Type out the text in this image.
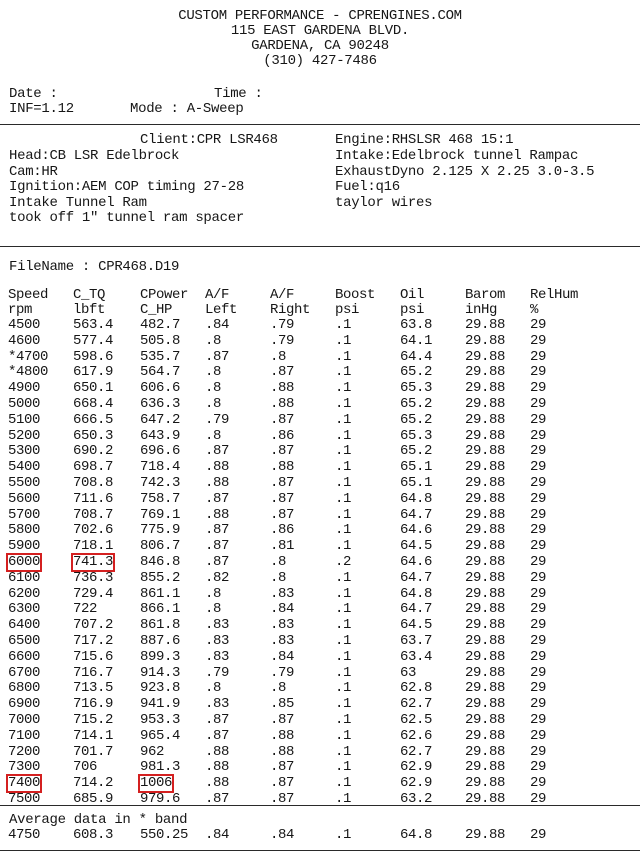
CUSTOM PERFORMANCE - CPRENGINES.COM
115 EAST GARDENA BLVD.
GARDENA, CA 90248
(310) 427-7486
Date :	Time :
INF=1.12	Mode : A-Sweep
Client:CPR LSR468
Head:CB LSR Edelbrock
Cam:HR
Ignition:AEM COP timing 27-28
Intake Tunnel Ram
took off 1" tunnel ram spacer
Engine:RHSLSR 468 15:1
Intake:Edelbrock tunnel Rampac
ExhaustDyno 2.125 X 2.25 3.0-3.5
Fuel:q16
taylor wires
FileName : CPR468.D19
Speed C_TQ CPower A/F	A/F	Boost Oil	Barom RelHum
rpm	lbft C_HP Left Right psi	psi	inHg %
4500 563.4 482.7 .84	.79	.1	63.8 29.88 29
4600 577.4 505.8 .8	.79	.1	64.1 29.88 29
*4700 598.6 535.7 .87	.8	.1	64.4 29.88 29
*4800 617.9 564.7 .8	.87	.1	65.2 29.88 29
4900 650.1 606.6 .8	.88	.1	65.3 29.88 29
5000 668.4 636.3 .8	.88	.1	65.2 29.88 29
5100 666.5 647.2 .79	.87	.1	65.2 29.88 29
5200 650.3 643.9 .8	.86	.1	65.3 29.88 29
5300 690.2 696.6 .87	.87	.1	65.2 29.88 29
5400 698.7 718.4 .88	.88	.1	65.1 29.88 29
5500 708.8 742.3 .88	.87	.1	65.1 29.88 29
5600 711.6 758.7 .87	.87	.1	64.8 29.88 29
5700 708.7 769.1 .88	.87	.1	64.7 29.88 29
5800 702.6 775.9 .87	.86	.1	64.6 29.88 29
5900 718.1 806.7 .87	.81	.1	64.5 29.88 29
6000 741.3 846.8 .87	.8	.2	64.6 29.88 29
6100 736.3 855.2 .82	.8	.1	64.7 29.88 29
6200 729.4 861.1 .8	.83	.1	64.8 29.88 29
6300 722	866.1 .8	.84	.1	64.7 29.88 29
6400 707.2 861.8 .83	.83	.1	64.5 29.88 29
6500 717.2 887.6 .83	.83	.1	63.7 29.88 29
6600 715.6 899.3 .83	.84	.1	63.4 29.88 29
6700 716.7 914.3 .79	.79	.1	63	29.88 29
6800 713.5 923.8 .8	.8	.1	62.8 29.88 29
6900 716.9 941.9 .83	.85	.1	62.7 29.88 29
7000 715.2 953.3 .87	.87	.1	62.5 29.88 29
7100 714.1 965.4 .87	.88	.1	62.6 29.88 29
7200 701.7 962	.88	.88	.1	62.7 29.88 29
7300 706	981.3 .88	.87	.1	62.9 29.88 29
7400 714.2 1006 .88	.87	.1	62.9 29.88 29
7500 685.9 979.6 .87	.87	.1	63.2 29.88 29
Average data in * band
4750 608.3 550.25 .84	.84	.1	64.8 29.88 29
